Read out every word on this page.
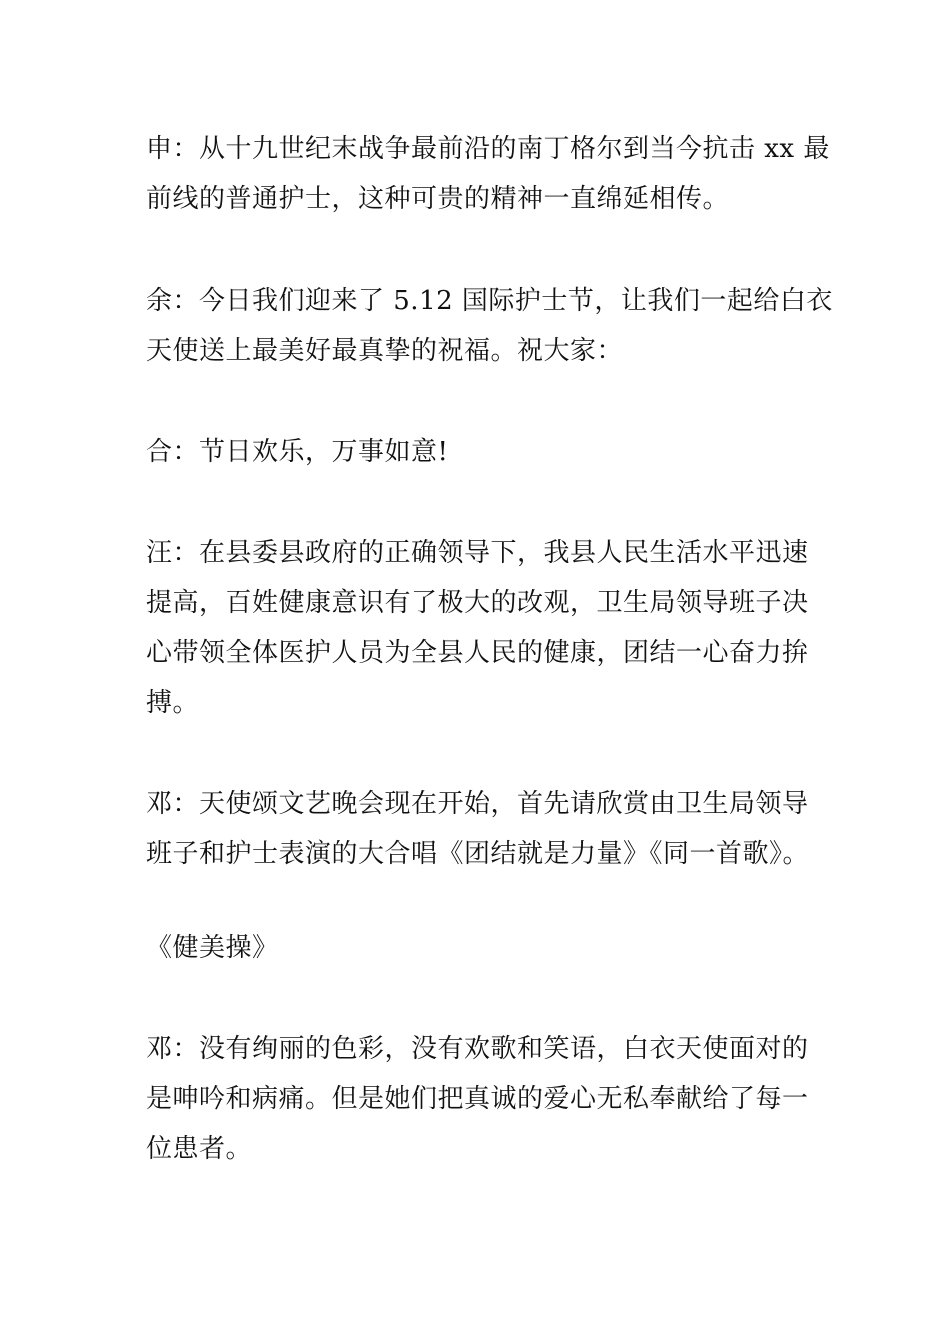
申：从十九世纪末战争最前沿的南丁格尔到当今抗击 xx 最
前线的普通护士，这种可贵的精神一直绵延相传。

余：今日我们迎来了 5.12 国际护士节，让我们一起给白衣
天使送上最美好最真挚的祝福。祝大家：

合：节日欢乐，万事如意!

汪：在县委县政府的正确领导下，我县人民生活水平迅速
提高，百姓健康意识有了极大的改观，卫生局领导班子决
心带领全体医护人员为全县人民的健康，团结一心奋力拚
搏。

邓：天使颂文艺晚会现在开始，首先请欣赏由卫生局领导
班子和护士表演的大合唱《团结就是力量》《同一首歌》。

《健美操》

邓：没有绚丽的色彩，没有欢歌和笑语，白衣天使面对的
是呻吟和病痛。但是她们把真诚的爱心无私奉献给了每一
位患者。
